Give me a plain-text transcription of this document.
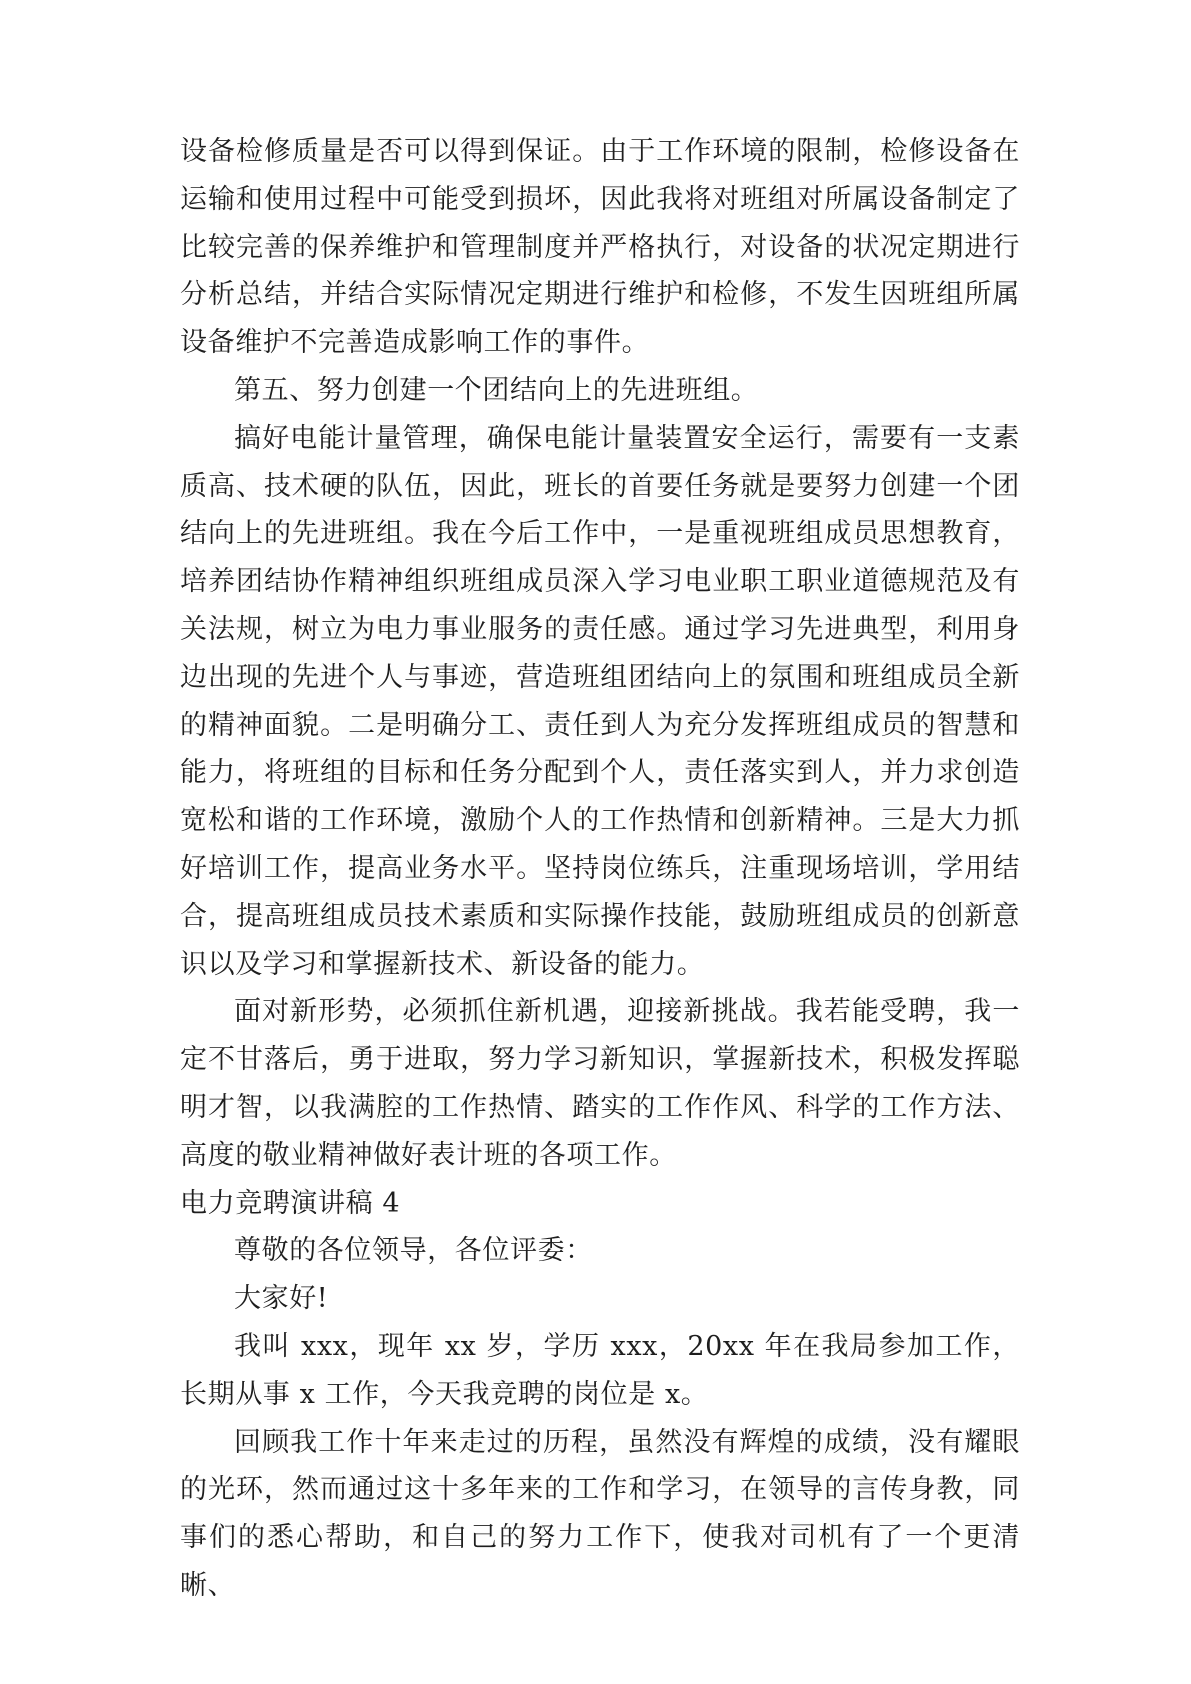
设备检修质量是否可以得到保证。由于工作环境的限制，检修设备在运输和使用过程中可能受到损坏，因此我将对班组对所属设备制定了比较完善的保养维护和管理制度并严格执行，对设备的状况定期进行分析总结，并结合实际情况定期进行维护和检修，不发生因班组所属设备维护不完善造成影响工作的事件。

第五、努力创建一个团结向上的先进班组。

搞好电能计量管理，确保电能计量装置安全运行，需要有一支素质高、技术硬的队伍，因此，班长的首要任务就是要努力创建一个团结向上的先进班组。我在今后工作中，一是重视班组成员思想教育，培养团结协作精神组织班组成员深入学习电业职工职业道德规范及有关法规，树立为电力事业服务的责任感。通过学习先进典型，利用身边出现的先进个人与事迹，营造班组团结向上的氛围和班组成员全新的精神面貌。二是明确分工、责任到人为充分发挥班组成员的智慧和能力，将班组的目标和任务分配到个人，责任落实到人，并力求创造宽松和谐的工作环境，激励个人的工作热情和创新精神。三是大力抓好培训工作，提高业务水平。坚持岗位练兵，注重现场培训，学用结合，提高班组成员技术素质和实际操作技能，鼓励班组成员的创新意识以及学习和掌握新技术、新设备的能力。

面对新形势，必须抓住新机遇，迎接新挑战。我若能受聘，我一定不甘落后，勇于进取，努力学习新知识，掌握新技术，积极发挥聪明才智，以我满腔的工作热情、踏实的工作作风、科学的工作方法、高度的敬业精神做好表计班的各项工作。

电力竞聘演讲稿 4

尊敬的各位领导，各位评委：

大家好!

我叫 xxx，现年 xx 岁，学历 xxx，20xx 年在我局参加工作，长期从事 x 工作，今天我竞聘的岗位是 x。

回顾我工作十年来走过的历程，虽然没有辉煌的成绩，没有耀眼的光环，然而通过这十多年来的工作和学习，在领导的言传身教，同事们的悉心帮助，和自己的努力工作下，使我对司机有了一个更清晰、
